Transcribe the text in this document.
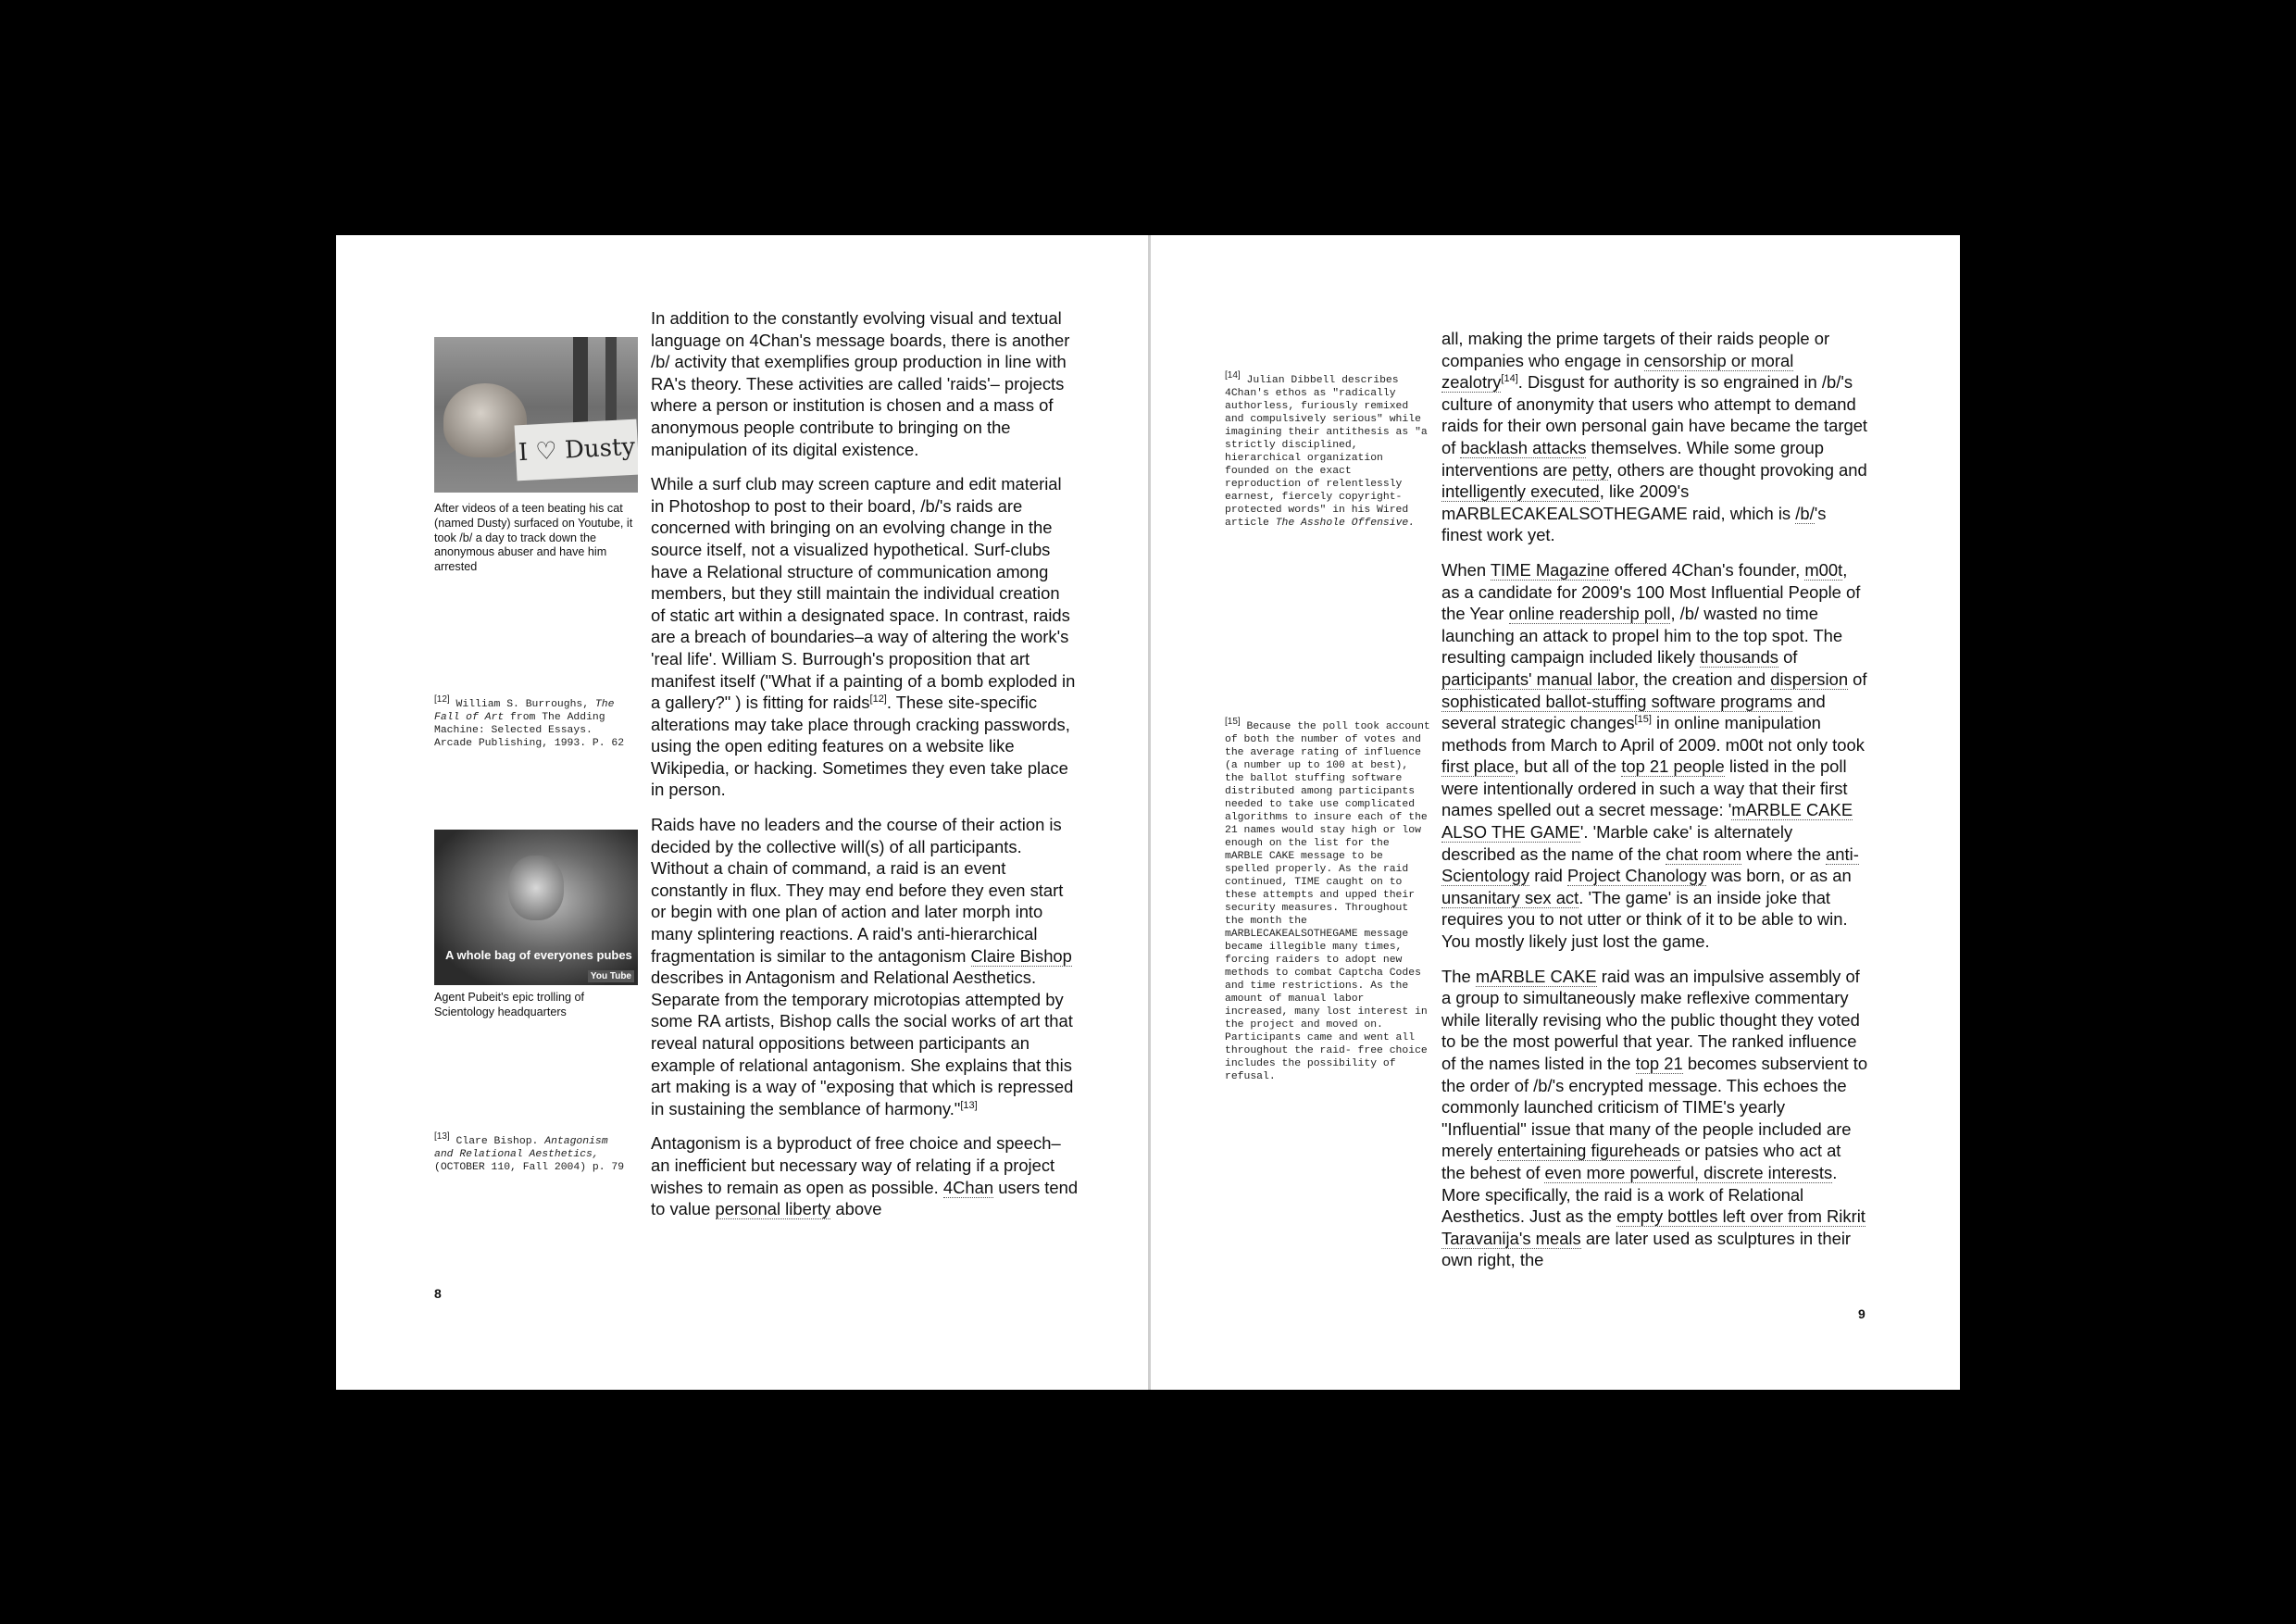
I ♡ Dusty
After videos of a teen beating his cat (named Dusty) surfaced on Youtube, it took /b/ a day to track down the anonymous abuser and have him arrested
[12] William S. Burroughs, The Fall of Art from The Adding Machine: Selected Essays. Arcade Publishing, 1993. P. 62
A whole bag of everyones pubes
You Tube
Agent Pubeit's epic trolling of Scientology headquarters
[13] Clare Bishop. Antagonism and Relational Aesthetics, (OCTOBER 110, Fall 2004) p. 79

In addition to the constantly evolving visual and textual language on 4Chan's message boards, there is another /b/ activity that exemplifies group production in line with RA's theory. These activities are called 'raids'– projects where a person or institution is chosen and a mass of anonymous people contribute to bringing on the manipulation of its digital existence.

While a surf club may screen capture and edit material in Photoshop to post to their board, /b/'s raids are concerned with bringing on an evolving change in the source itself, not a visualized hypothetical. Surf-clubs have a Relational structure of communication among members, but they still maintain the individual creation of static art within a designated space. In contrast, raids are a breach of boundaries–a way of altering the work's 'real life'. William S. Burrough's proposition that art manifest itself ("What if a painting of a bomb exploded in a gallery?" ) is fitting for raids[12]. These site-specific alterations may take place through cracking passwords, using the open editing features on a website like Wikipedia, or hacking. Sometimes they even take place in person.

Raids have no leaders and the course of their action is decided by the collective will(s) of all participants. Without a chain of command, a raid is an event constantly in flux. They may end before they even start or begin with one plan of action and later morph into many splintering reactions. A raid's anti-hierarchical fragmentation is similar to the antagonism Claire Bishop describes in Antagonism and Relational Aesthetics. Separate from the temporary microtopias attempted by some RA artists, Bishop calls the social works of art that reveal natural oppositions between participants an example of relational antagonism. She explains that this art making is a way of "exposing that which is repressed in sustaining the semblance of harmony."[13]

Antagonism is a byproduct of free choice and speech– an inefficient but necessary way of relating if a project wishes to remain as open as possible. 4Chan users tend to value personal liberty above

8
[14] Julian Dibbell describes 4Chan's ethos as "radically authorless, furiously remixed and compulsively serious" while imagining their antithesis as "a strictly disciplined, hierarchical organization founded on the exact reproduction of relentlessly earnest, fiercely copyright-protected words" in his Wired article The Asshole Offensive.
[15] Because the poll took account of both the number of votes and the average rating of influence (a number up to 100 at best), the ballot stuffing software distributed among participants needed to take use complicated algorithms to insure each of the 21 names would stay high or low enough on the list for the mARBLE CAKE message to be spelled properly. As the raid continued, TIME caught on to these attempts and upped their security measures. Throughout the month the mARBLECAKEALSOTHEGAME message became illegible many times, forcing raiders to adopt new methods to combat Captcha Codes and time restrictions. As the amount of manual labor increased, many lost interest in the project and moved on. Participants came and went all throughout the raid- free choice includes the possibility of refusal.

all, making the prime targets of their raids people or companies who engage in censorship or moral zealotry[14]. Disgust for authority is so engrained in /b/'s culture of anonymity that users who attempt to demand raids for their own personal gain have became the target of backlash attacks themselves. While some group interventions are petty, others are thought provoking and intelligently executed, like 2009's mARBLECAKEALSOTHEGAME raid, which is /b/'s finest work yet.

When TIME Magazine offered 4Chan's founder, m00t, as a candidate for 2009's 100 Most Influential People of the Year online readership poll, /b/ wasted no time launching an attack to propel him to the top spot. The resulting campaign included likely thousands of participants' manual labor, the creation and dispersion of sophisticated ballot-stuffing software programs and several strategic changes[15] in online manipulation methods from March to April of 2009. m00t not only took first place, but all of the top 21 people listed in the poll were intentionally ordered in such a way that their first names spelled out a secret message: 'mARBLE CAKE ALSO THE GAME'. 'Marble cake' is alternately described as the name of the chat room where the anti-Scientology raid Project Chanology was born, or as an unsanitary sex act. 'The game' is an inside joke that requires you to not utter or think of it to be able to win. You mostly likely just lost the game.

The mARBLE CAKE raid was an impulsive assembly of a group to simultaneously make reflexive commentary while literally revising who the public thought they voted to be the most powerful that year. The ranked influence of the names listed in the top 21 becomes subservient to the order of /b/'s encrypted message. This echoes the commonly launched criticism of TIME's yearly "Influential" issue that many of the people included are merely entertaining figureheads or patsies who act at the behest of even more powerful, discrete interests. More specifically, the raid is a work of Relational Aesthetics. Just as the empty bottles left over from Rikrit Taravanija's meals are later used as sculptures in their own right, the

9
